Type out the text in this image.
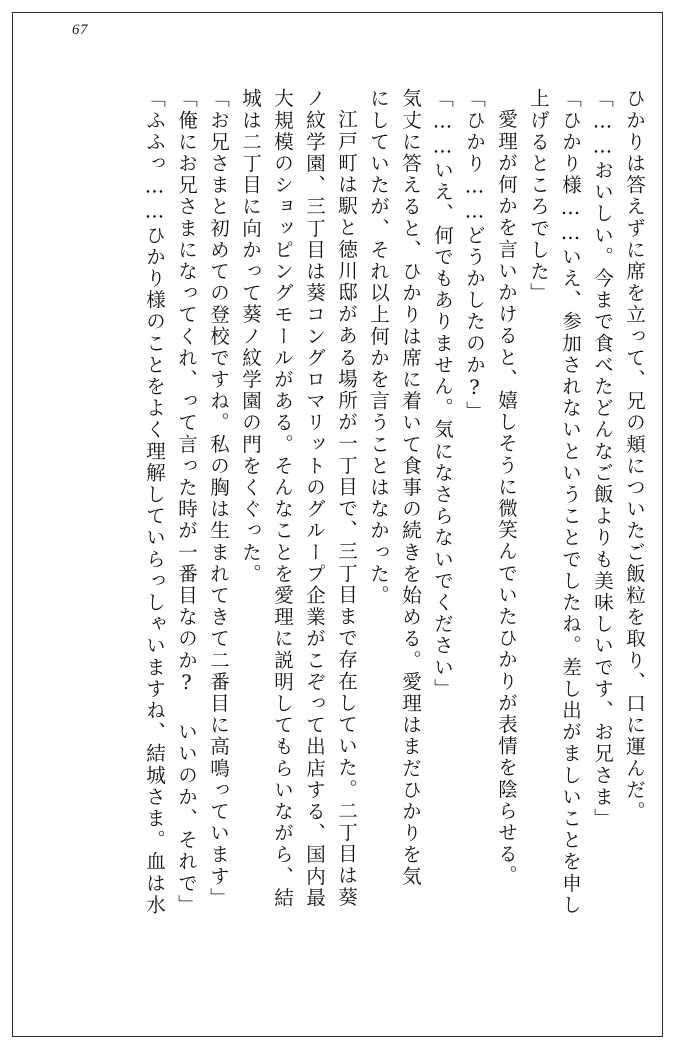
67
ひかりは答えずに席を立って、兄の頬についたご飯粒を取り、口に運んだ。
「……おいしい。今まで食べたどんなご飯よりも美味しいです、お兄さま」
「ひかり様……いえ、参加されないということでしたね。差し出がましいことを申し
上げるところでした」
愛理が何かを言いかけると、嬉しそうに微笑んでいたひかりが表情を陰らせる。
「ひかり……どうかしたのか?」
「……いえ、何でもありません。気になさらないでください」
気丈に答えると、ひかりは席に着いて食事の続きを始める。愛理はまだひかりを気
にしていたが、それ以上何かを言うことはなかった。
江戸町は駅と徳川邸がある場所が一丁目で、三丁目まで存在していた。二丁目は葵
ノ紋学園、三丁目は葵コングロマリットのグループ企業がこぞって出店する、国内最
大規模のショッピングモールがある。そんなことを愛理に説明してもらいながら、結
城は二丁目に向かって葵ノ紋学園の門をくぐった。
「お兄さまと初めての登校ですね。私の胸は生まれてきて二番目に高鳴っています」
「俺にお兄さまになってくれ、って言った時が一番目なのか? いいのか、それで」
「ふふっ……ひかり様のことをよく理解していらっしゃいますね、結城さま。血は水
